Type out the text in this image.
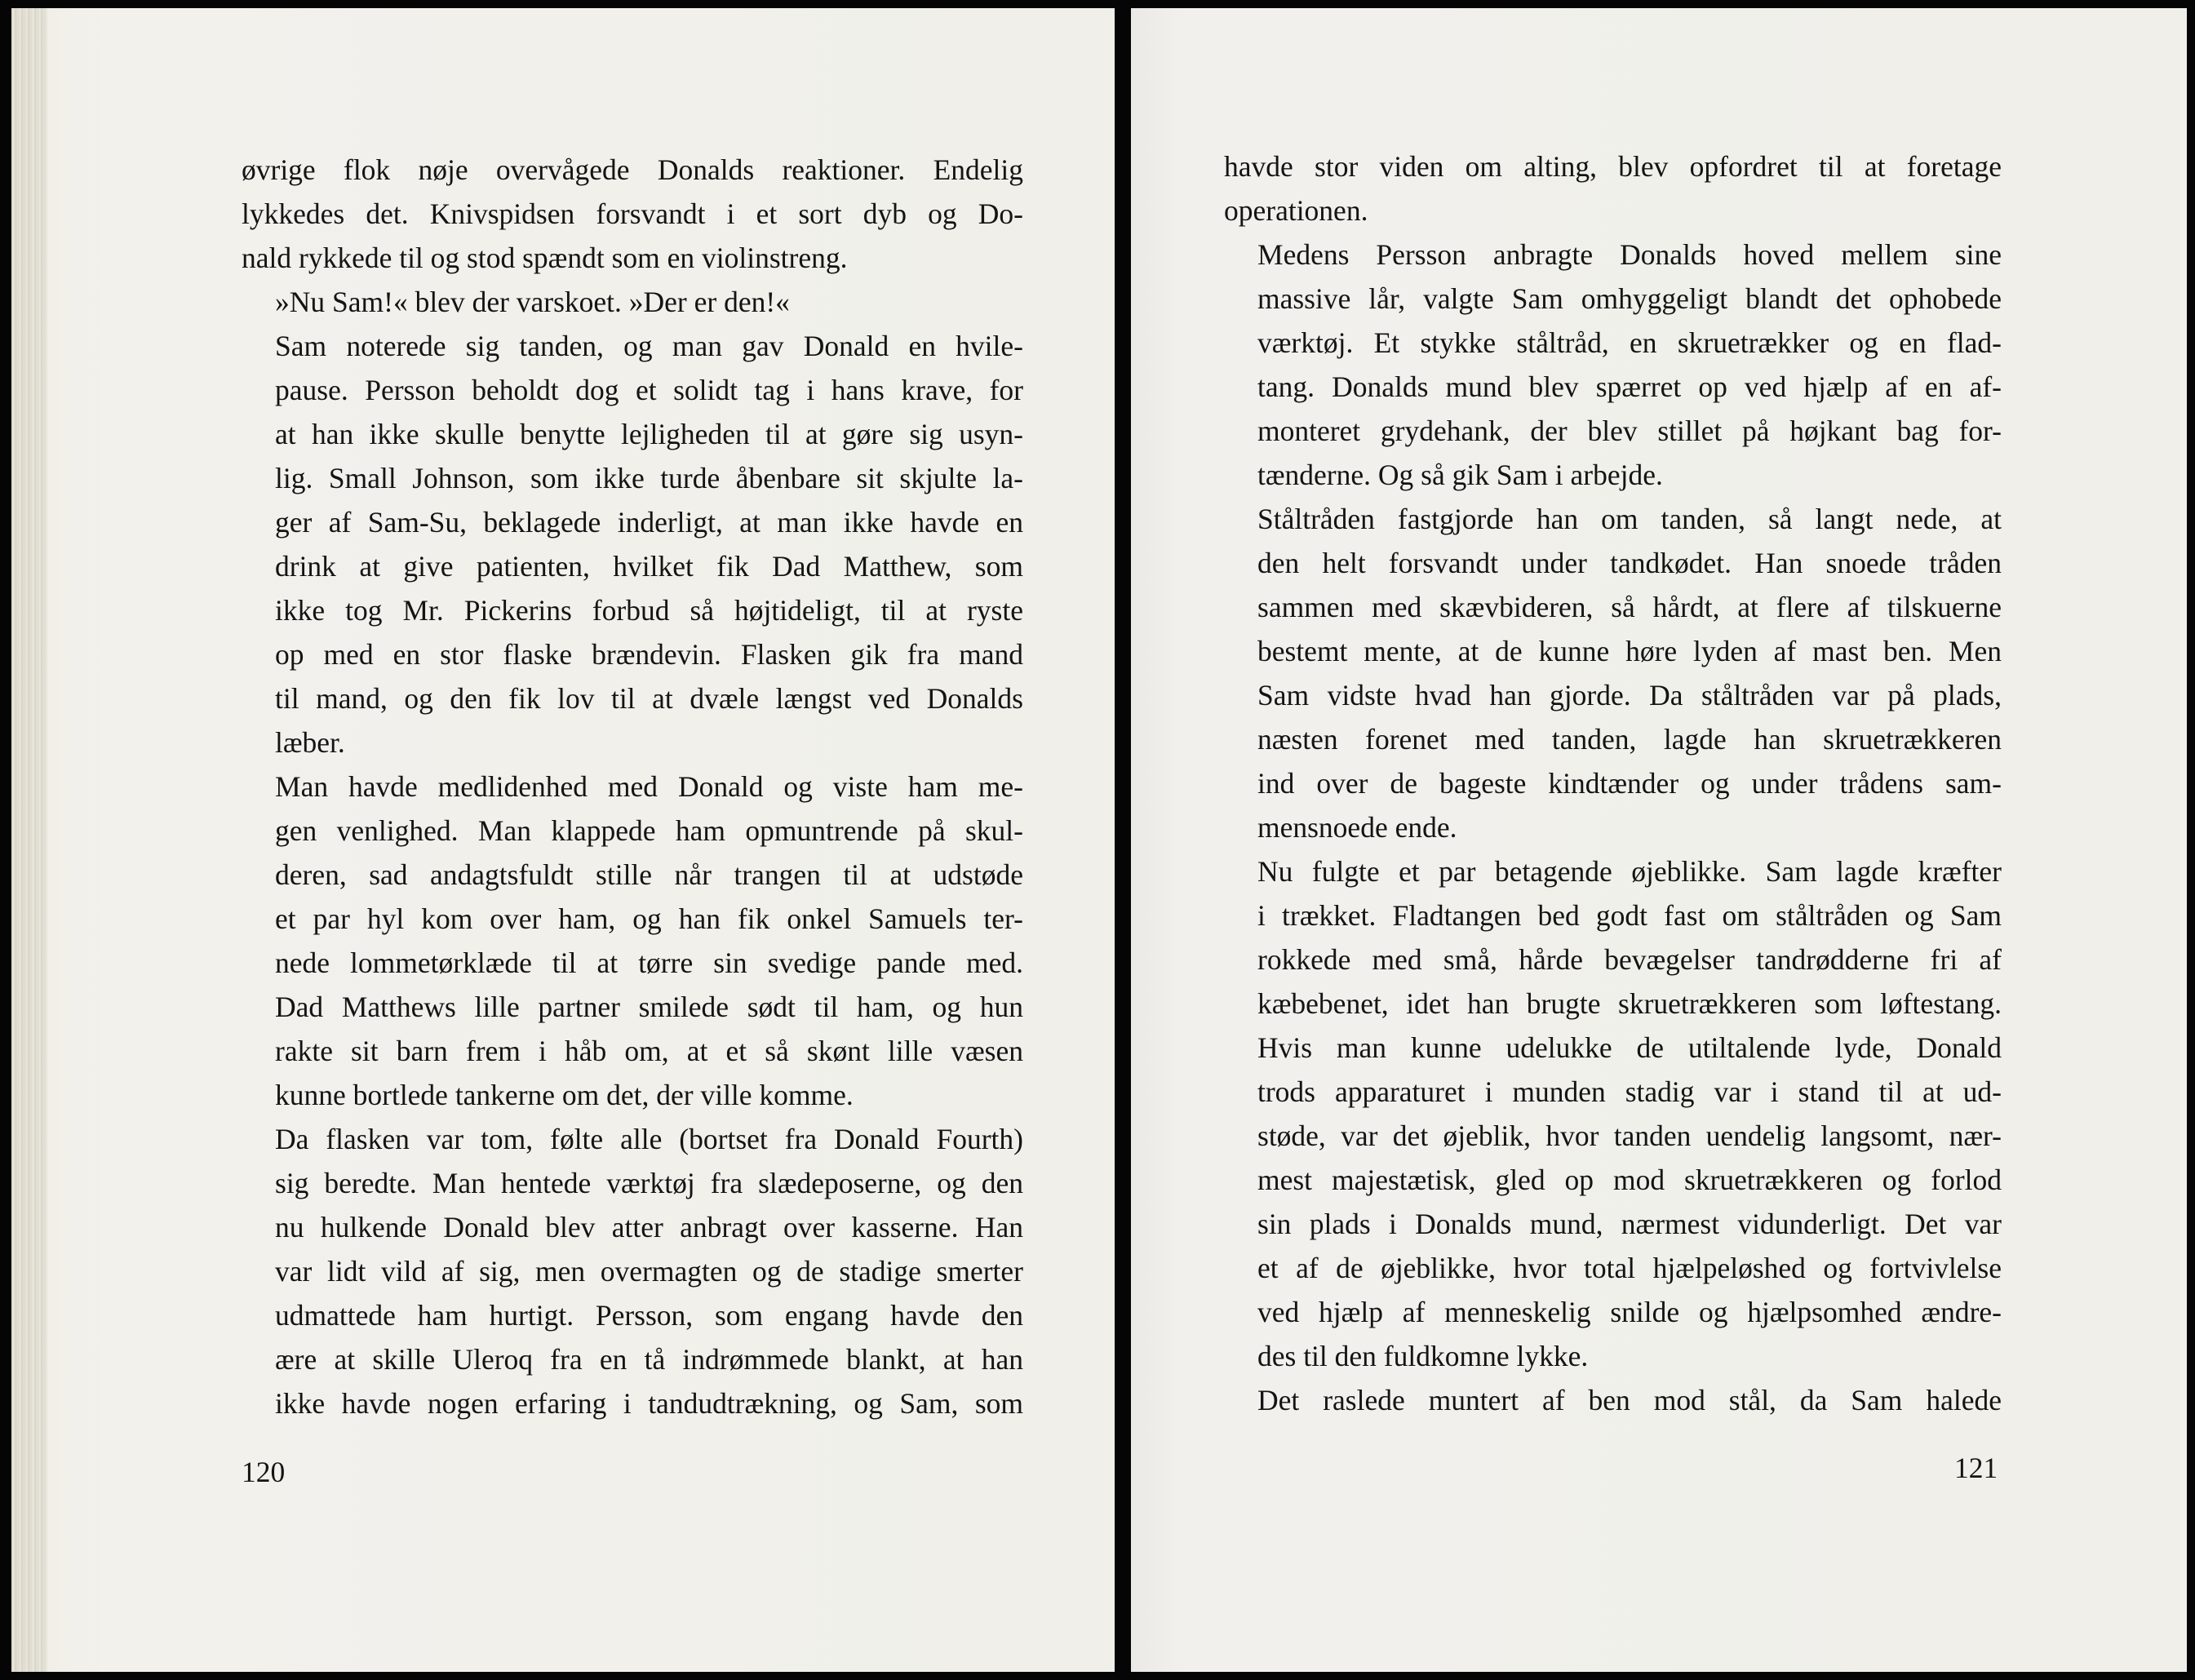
øvrige flok nøje overvågede Donalds reaktioner. Endelig
lykkedes det. Knivspidsen forsvandt i et sort dyb og Do-
nald rykkede til og stod spændt som en violinstreng.

»Nu Sam!« blev der varskoet. »Der er den!«

Sam noterede sig tanden, og man gav Donald en hvile-
pause. Persson beholdt dog et solidt tag i hans krave, for
at han ikke skulle benytte lejligheden til at gøre sig usyn-
lig. Small Johnson, som ikke turde åbenbare sit skjulte la-
ger af Sam-Su, beklagede inderligt, at man ikke havde en
drink at give patienten, hvilket fik Dad Matthew, som
ikke tog Mr. Pickerins forbud så højtideligt, til at ryste
op med en stor flaske brændevin. Flasken gik fra mand
til mand, og den fik lov til at dvæle længst ved Donalds
læber.

Man havde medlidenhed med Donald og viste ham me-
gen venlighed. Man klappede ham opmuntrende på skul-
deren, sad andagtsfuldt stille når trangen til at udstøde
et par hyl kom over ham, og han fik onkel Samuels ter-
nede lommetørklæde til at tørre sin svedige pande med.
Dad Matthews lille partner smilede sødt til ham, og hun
rakte sit barn frem i håb om, at et så skønt lille væsen
kunne bortlede tankerne om det, der ville komme.

Da flasken var tom, følte alle (bortset fra Donald Fourth)
sig beredte. Man hentede værktøj fra slædeposerne, og den
nu hulkende Donald blev atter anbragt over kasserne. Han
var lidt vild af sig, men overmagten og de stadige smerter
udmattede ham hurtigt. Persson, som engang havde den
ære at skille Uleroq fra en tå indrømmede blankt, at han
ikke havde nogen erfaring i tandudtrækning, og Sam, som

120

havde stor viden om alting, blev opfordret til at foretage
operationen.

Medens Persson anbragte Donalds hoved mellem sine
massive lår, valgte Sam omhyggeligt blandt det ophobede
værktøj. Et stykke ståltråd, en skruetrækker og en flad-
tang. Donalds mund blev spærret op ved hjælp af en af-
monteret grydehank, der blev stillet på højkant bag for-
tænderne. Og så gik Sam i arbejde.

Ståltråden fastgjorde han om tanden, så langt nede, at
den helt forsvandt under tandkødet. Han snoede tråden
sammen med skævbideren, så hårdt, at flere af tilskuerne
bestemt mente, at de kunne høre lyden af mast ben. Men
Sam vidste hvad han gjorde. Da ståltråden var på plads,
næsten forenet med tanden, lagde han skruetrækkeren
ind over de bageste kindtænder og under trådens sam-
mensnoede ende.

Nu fulgte et par betagende øjeblikke. Sam lagde kræfter
i trækket. Fladtangen bed godt fast om ståltråden og Sam
rokkede med små, hårde bevægelser tandrødderne fri af
kæbebenet, idet han brugte skruetrækkeren som løftestang.
Hvis man kunne udelukke de utiltalende lyde, Donald
trods apparaturet i munden stadig var i stand til at ud-
støde, var det øjeblik, hvor tanden uendelig langsomt, nær-
mest majestætisk, gled op mod skruetrækkeren og forlod
sin plads i Donalds mund, nærmest vidunderligt. Det var
et af de øjeblikke, hvor total hjælpeløshed og fortvivlelse
ved hjælp af menneskelig snilde og hjælpsomhed ændre-
des til den fuldkomne lykke.

Det raslede muntert af ben mod stål, da Sam halede

121
